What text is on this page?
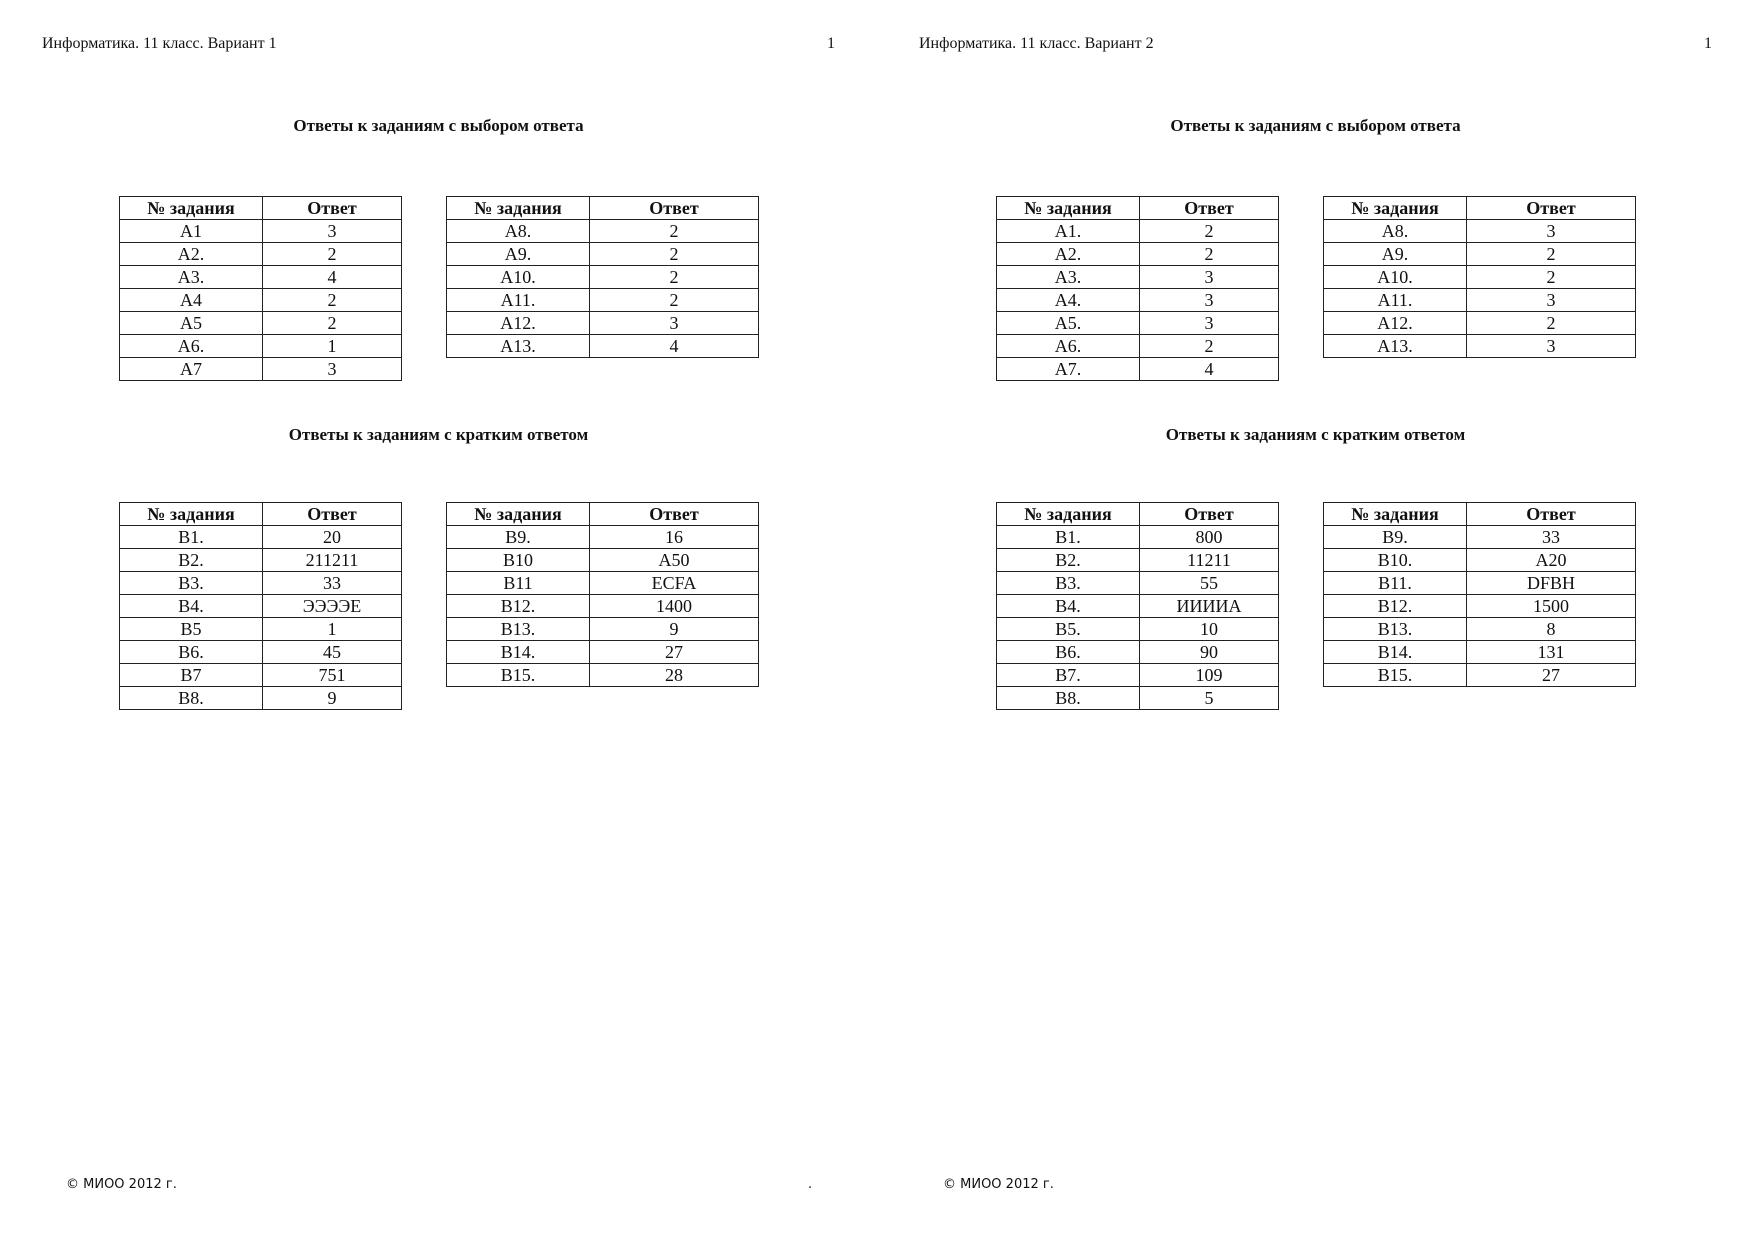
Информатика. 11 класс. Вариант 1	1
Ответы к заданиям с выбором ответа
№ задания	Ответ
A1	3
A2.	2
A3.	4
A4	2
A5	2
A6.	1
A7	3
№ задания	Ответ
A8.	2
A9.	2
A10.	2
A11.	2
A12.	3
A13.	4
Ответы к заданиям с кратким ответом
№ задания	Ответ
B1.	20
B2.	211211
B3.	33
B4.	ЭЭЭЭЕ
B5	1
B6.	45
B7	751
B8.	9
№ задания	Ответ
B9.	16
B10	A50
B11	ECFA
B12.	1400
B13.	9
B14.	27
B15.	28
© МИОО 2012 г.	.
Информатика. 11 класс. Вариант 2	1
Ответы к заданиям с выбором ответа
№ задания	Ответ
A1.	2
A2.	2
A3.	3
A4.	3
A5.	3
A6.	2
A7.	4
№ задания	Ответ
A8.	3
A9.	2
A10.	2
A11.	3
A12.	2
A13.	3
Ответы к заданиям с кратким ответом
№ задания	Ответ
B1.	800
B2.	11211
B3.	55
B4.	ИИИИА
B5.	10
B6.	90
B7.	109
B8.	5
№ задания	Ответ
B9.	33
B10.	A20
B11.	DFBH
B12.	1500
B13.	8
B14.	131
B15.	27
© МИОО 2012 г.
